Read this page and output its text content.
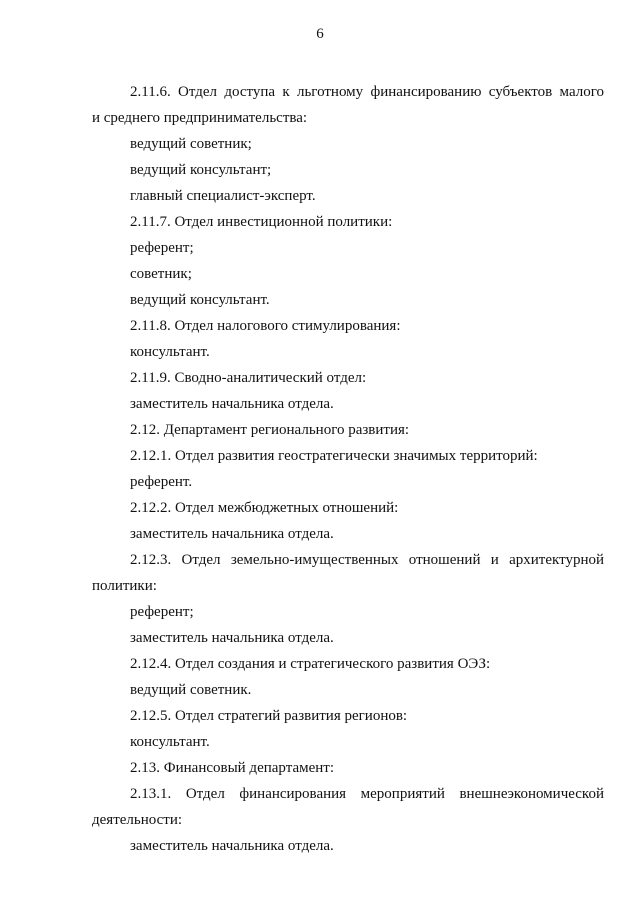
6
2.11.6. Отдел доступа к льготному финансированию субъектов малого
и среднего предпринимательства:
ведущий советник;
ведущий консультант;
главный специалист-эксперт.
2.11.7. Отдел инвестиционной политики:
референт;
советник;
ведущий консультант.
2.11.8. Отдел налогового стимулирования:
консультант.
2.11.9. Сводно-аналитический отдел:
заместитель начальника отдела.
2.12. Департамент регионального развития:
2.12.1. Отдел развития геостратегически значимых территорий:
референт.
2.12.2. Отдел межбюджетных отношений:
заместитель начальника отдела.
2.12.3. Отдел земельно-имущественных отношений и архитектурной
политики:
референт;
заместитель начальника отдела.
2.12.4. Отдел создания и стратегического развития ОЭЗ:
ведущий советник.
2.12.5. Отдел стратегий развития регионов:
консультант.
2.13. Финансовый департамент:
2.13.1. Отдел финансирования мероприятий внешнеэкономической
деятельности:
заместитель начальника отдела.
